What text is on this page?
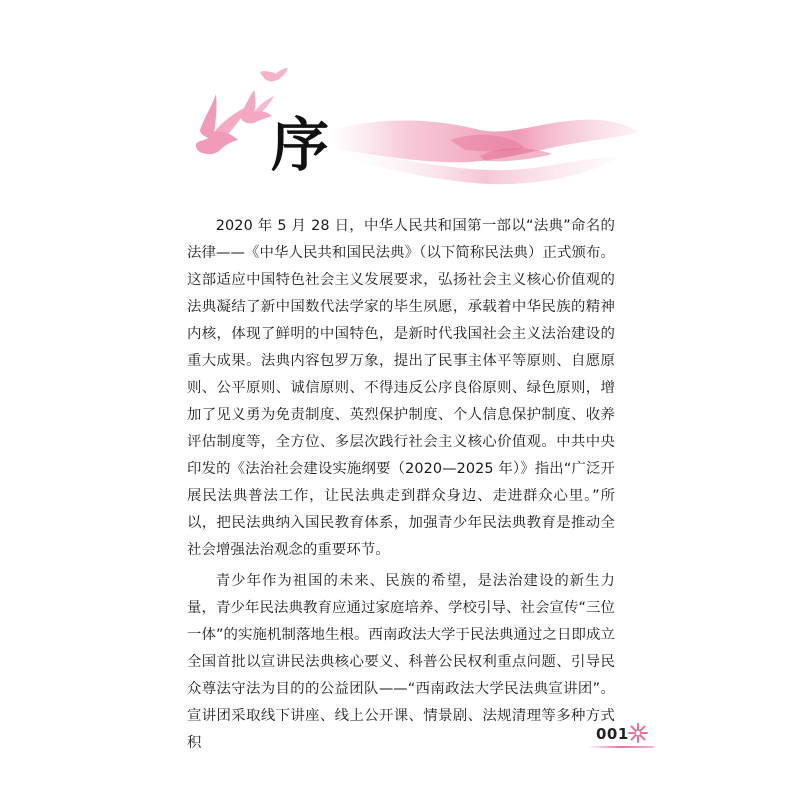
序

2020 年 5 月 28 日，中华人民共和国第一部以“法典”命名的法律——《中华人民共和国民法典》（以下简称民法典）正式颁布。这部适应中国特色社会主义发展要求，弘扬社会主义核心价值观的法典凝结了新中国数代法学家的毕生夙愿，承载着中华民族的精神内核，体现了鲜明的中国特色，是新时代我国社会主义法治建设的重大成果。法典内容包罗万象，提出了民事主体平等原则、自愿原则、公平原则、诚信原则、不得违反公序良俗原则、绿色原则，增加了见义勇为免责制度、英烈保护制度、个人信息保护制度、收养评估制度等，全方位、多层次践行社会主义核心价值观。中共中央印发的《法治社会建设实施纲要（2020—2025 年）》指出“广泛开展民法典普法工作，让民法典走到群众身边、走进群众心里。”所以，把民法典纳入国民教育体系，加强青少年民法典教育是推动全社会增强法治观念的重要环节。

青少年作为祖国的未来、民族的希望，是法治建设的新生力量，青少年民法典教育应通过家庭培养、学校引导、社会宣传“三位一体”的实施机制落地生根。西南政法大学于民法典通过之日即成立全国首批以宣讲民法典核心要义、科普公民权利重点问题、引导民众尊法守法为目的的公益团队——“西南政法大学民法典宣讲团”。宣讲团采取线下讲座、线上公开课、情景剧、法规清理等多种方式积	001
